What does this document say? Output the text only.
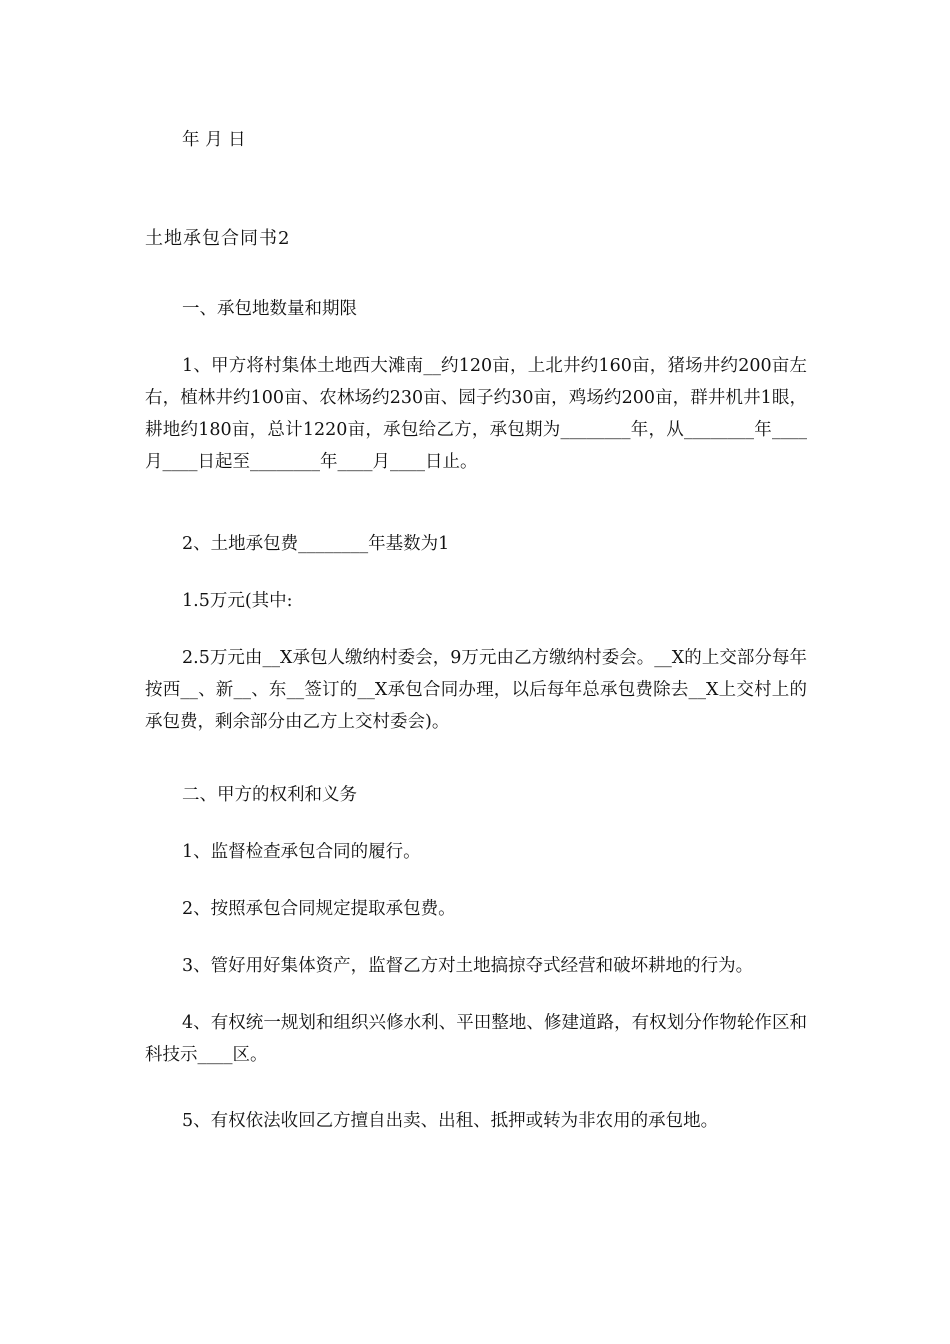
年 月 日
土地承包合同书2
一、承包地数量和期限
1、甲方将村集体土地西大滩南__约120亩，上北井约160亩，猪场井约200亩左右，植林井约100亩、农林场约230亩、园子约30亩，鸡场约200亩，群井机井1眼，耕地约180亩，总计1220亩，承包给乙方，承包期为________年，从________年____月____日起至________年____月____日止。
2、土地承包费________年基数为1
1.5万元(其中:
2.5万元由__X承包人缴纳村委会，9万元由乙方缴纳村委会。__X的上交部分每年按西__、新__、东__签订的__X承包合同办理，以后每年总承包费除去__X上交村上的承包费，剩余部分由乙方上交村委会)。
二、甲方的权利和义务
1、监督检查承包合同的履行。
2、按照承包合同规定提取承包费。
3、管好用好集体资产，监督乙方对土地搞掠夺式经营和破坏耕地的行为。
4、有权统一规划和组织兴修水利、平田整地、修建道路，有权划分作物轮作区和科技示____区。
5、有权依法收回乙方擅自出卖、出租、抵押或转为非农用的承包地。
